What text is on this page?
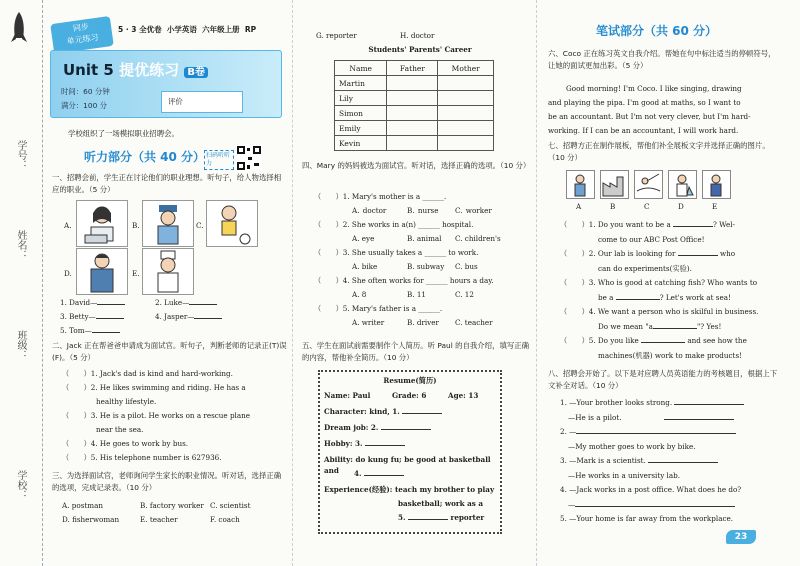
学号：
姓名：
班级：
学校：
同步
单元练习
5 · 3 全优卷 小学英语 六年级上册 RP
Unit 5 提优练习 B卷
时间：60 分钟
满分：100 分	评价
学校组织了一场模拟职业招聘会。
听力部分（共 40 分） 扫码听听力
一、招聘会前，学生正在讨论他们的职业理想。听句子，给人物选择相应的职业。（5 分）
A.	B.	C.
D.	E.
1. David—	2. Luke—
3. Betty—	4. Jasper—
5. Tom—
二、Jack 正在帮爸爸申请成为面试官。听句子，判断老师的记录正(T)误(F)。（5 分）
（　　）1. Jack's dad is kind and hard-working.
（　　）2. He likes swimming and riding. He has a
healthy lifestyle.
（　　）3. He is a pilot. He works on a rescue plane
near the sea.
（　　）4. He goes to work by bus.
（　　）5. His telephone number is 627936.
三、为选择面试官，老师询问学生家长的职业情况。听对话，选择正确的选项，完成记录表。（10 分）
A. postman	B. factory worker C. scientist
D. fisherwoman	E. teacher	F. coach
G. reporter	H. doctor
Students' Parents' Career
Name	Father	Mother
Martin		
Lily		
Simon		
Emily		
Kevin		
四、Mary 的妈妈被选为面试官。听对话，选择正确的选项。（10 分）
（　　）1. Mary's mother is a ______.
A. doctor	B. nurse C. worker
（　　）2. She works in a(n) ______ hospital.
A. eye	B. animal C. children's
（　　）3. She usually takes a ______ to work.
A. bike	B. subway C. bus
（　　）4. She often works for ______ hours a day.
A. 8	B. 11	C. 12
（　　）5. Mary's father is a ______.
A. writer	B. driver C. teacher
五、学生在面试前需要制作个人简历。听 Paul 的自我介绍，填写正确的内容，帮他补全简历。（10 分）
Resume(简历)
Name: Paul	Grade: 6	Age: 13
Character: kind, 1.
Dream job: 2.
Hobby: 3.
Ability: do kung fu; be good at basketball and	4.
Experience(经验): teach my brother to play
basketball; work as a
5.	reporter
笔试部分（共 60 分）
六、Coco 正在练习英文自我介绍。帮她在句中标注适当的停顿符号，让她的面试更加出彩。（5 分）
Good morning! I'm Coco. I like singing, drawing
and playing the pipa. I'm good at maths, so I want to
be an accountant. But I'm not very clever, but I'm hard-
working. If I can be an accountant, I will work hard.
七、招聘方正在制作展板，帮他们补全展板文字并选择正确的图片。（10 分）
A	B	C	D	E
（　　）1. Do you want to be a	? Wel-
come to our ABC Post Office!
（　　）2. Our lab is looking for	who
can do experiments(实验).
（　　）3. Who is good at catching fish? Who wants to
be a	? Let's work at sea!
（　　）4. We want a person who is skilful in business.
Do we mean "a	"? Yes!
（　　）5. Do you like	and see how the
machines(机器) work to make products!
八、招聘会开始了。以下是对应聘人员英语能力的考核题目，根据上下文补全对话。（10 分）
1. —Your brother looks strong.
—He is a pilot.
2. —
—My mother goes to work by bike.
3. —Mark is a scientist.
—He works in a university lab.
4. —Jack works in a post office. What does he do?
—
5. —Your home is far away from the workplace.
23
